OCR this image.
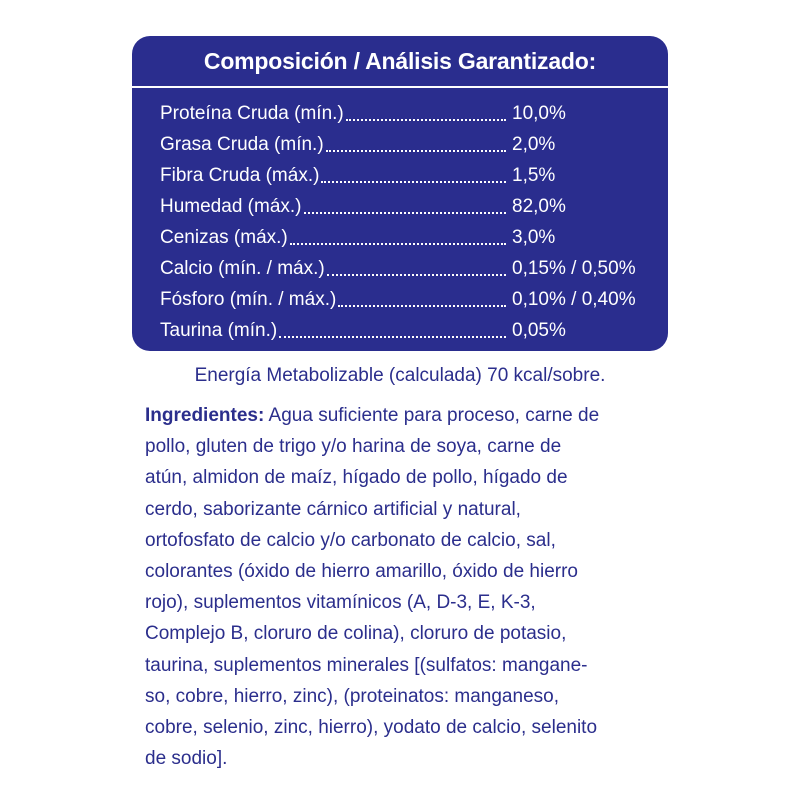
Composición / Análisis Garantizado:
Proteína Cruda (mín.)	10,0%
Grasa Cruda (mín.)	2,0%
Fibra Cruda (máx.)	1,5%
Humedad (máx.)	82,0%
Cenizas (máx.)	3,0%
Calcio (mín. / máx.)	0,15% / 0,50%
Fósforo (mín. / máx.)	0,10% / 0,40%
Taurina (mín.)	0,05%
Energía Metabolizable (calculada) 70 kcal/sobre.
Ingredientes: Agua suficiente para proceso, carne de
pollo, gluten de trigo y/o harina de soya, carne de
atún, almidon de maíz, hígado de pollo, hígado de
cerdo, saborizante cárnico artificial y natural,
ortofosfato de calcio y/o carbonato de calcio, sal,
colorantes (óxido de hierro amarillo, óxido de hierro
rojo), suplementos vitamínicos (A, D-3, E, K-3,
Complejo B, cloruro de colina), cloruro de potasio,
taurina, suplementos minerales [(sulfatos: mangane-
so, cobre, hierro, zinc), (proteinatos: manganeso,
cobre, selenio, zinc, hierro), yodato de calcio, selenito
de sodio].
